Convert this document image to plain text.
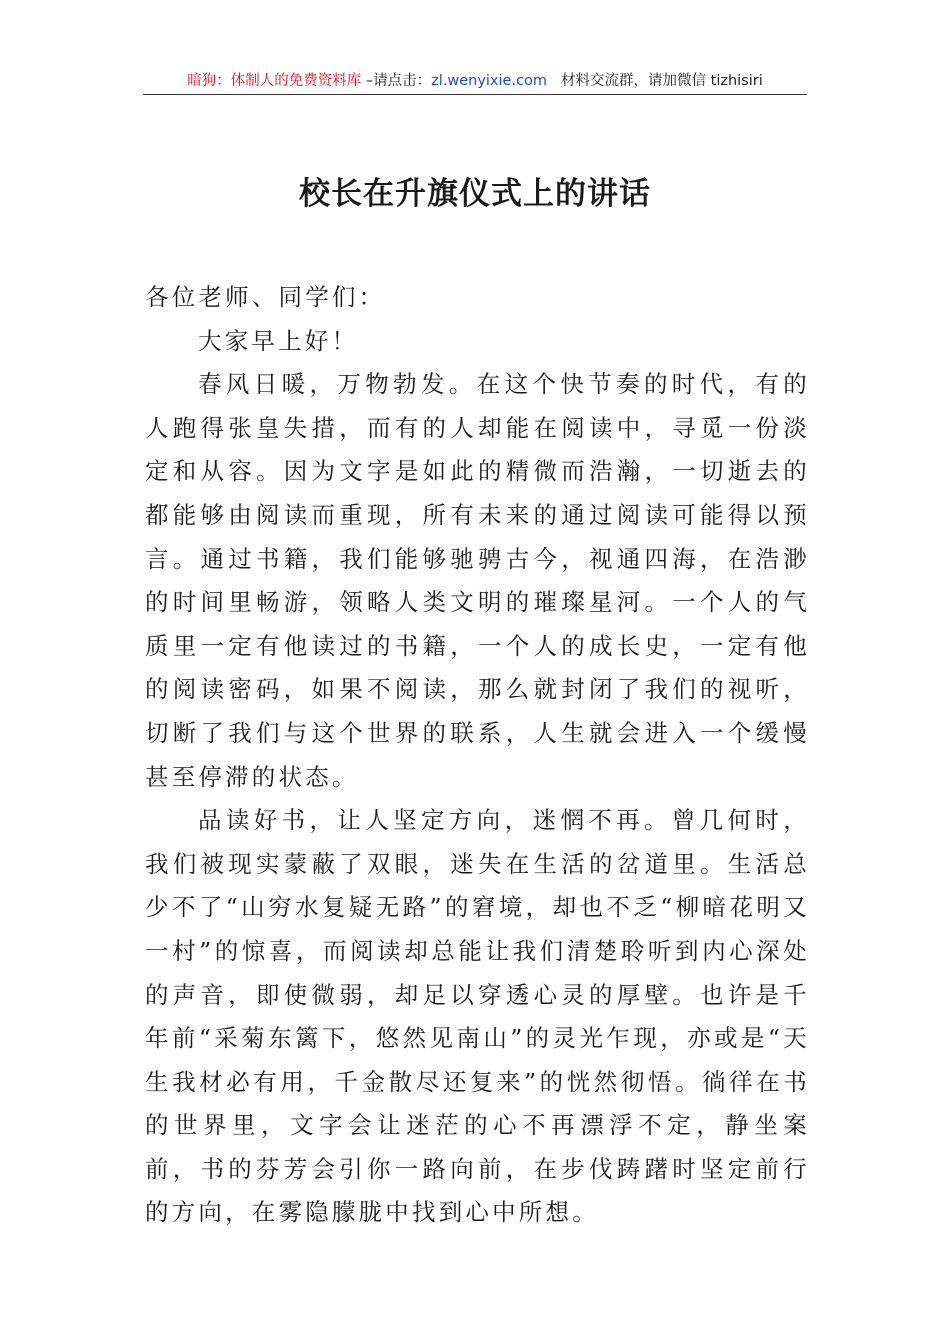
暗狗：体制人的免费资料库 –请点击：zl.wenyixie.com 材料交流群，请加微信 tizhisiri
校长在升旗仪式上的讲话

各位老师、同学们：

大家早上好！

春风日暖，万物勃发。在这个快节奏的时代，有的人跑得张皇失措，而有的人却能在阅读中，寻觅一份淡定和从容。因为文字是如此的精微而浩瀚，一切逝去的都能够由阅读而重现，所有未来的通过阅读可能得以预言。通过书籍，我们能够驰骋古今，视通四海，在浩渺的时间里畅游，领略人类文明的璀璨星河。一个人的气质里一定有他读过的书籍，一个人的成长史，一定有他的阅读密码，如果不阅读，那么就封闭了我们的视听，切断了我们与这个世界的联系，人生就会进入一个缓慢甚至停滞的状态。

品读好书，让人坚定方向，迷惘不再。曾几何时，我们被现实蒙蔽了双眼，迷失在生活的岔道里。生活总少不了“山穷水复疑无路”的窘境，却也不乏“柳暗花明又一村”的惊喜，而阅读却总能让我们清楚聆听到内心深处的声音，即使微弱，却足以穿透心灵的厚壁。也许是千年前“采菊东篱下，悠然见南山”的灵光乍现，亦或是“天生我材必有用，千金散尽还复来”的恍然彻悟。徜徉在书的世界里，文字会让迷茫的心不再漂浮不定，静坐案前，书的芬芳会引你一路向前，在步伐踌躇时坚定前行的方向，在雾隐朦胧中找到心中所想。
